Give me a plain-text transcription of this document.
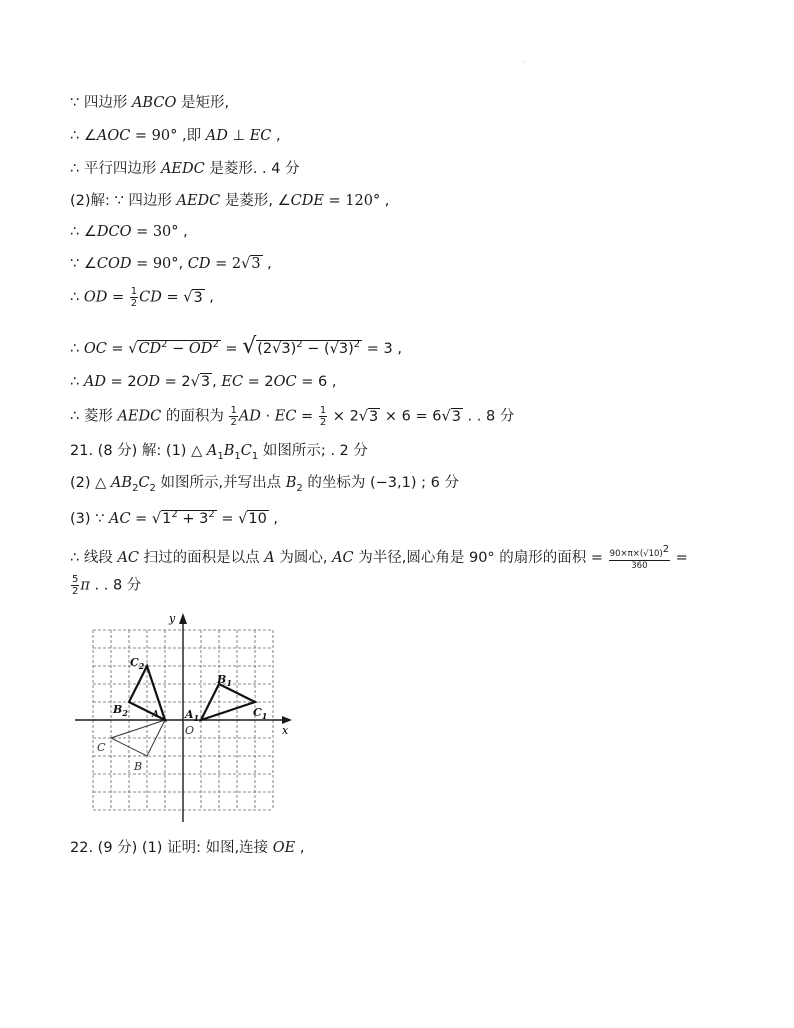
·
∵ 四边形 ABCO 是矩形,
∴ ∠AOC = 90° ,即 AD ⊥ EC ,
∴ 平行四边形 AEDC 是菱形. . 4 分
(2)解: ∵ 四边形 AEDC 是菱形, ∠CDE = 120° ,
∴ ∠DCO = 30° ,
∵ ∠COD = 90°, CD = 2√3 ,
∴ OD = $\frac{1}{2}$ CD = √3 ,
∴ OC = $√CD^2 - OD^2 = √(2√3)^2 - (√3)^2 = 3$ ,
∴ AD = 2OD = 2√3 , EC = 2OC = 6 ,
∴ 菱形 AEDC 的面积为 $\frac{1}{2}$ AD · EC = $\frac{1}{2} \times 2√3 \times 6 = 6√3$ . . 8 分
21. (8 分) 解: (1) △ $A_1B_1C_1$ 如图所示; . 2 分
(2) △ $AB_2C_2$ 如图所示,并写出点 $B_2$ 的坐标为 (−3,1) ; 6 分
(3) ∵ AC = $√1^2 + 3^2 = √10$ ,
∴ 线段 AC 扫过的面积是以点 A 为圆心, AC 为半径,圆心角是 90° 的扇形的面积 = $\frac{90\times\pi\times(√10)^2}{360}$ =
$\frac{5}{2}$ π . . 8 分
22. (9 分) (1) 证明: 如图,连接 OE ,
x
y
$C_2$
$B_1$
$B_2$	A $A_1$	$C_1$
C
B
O
